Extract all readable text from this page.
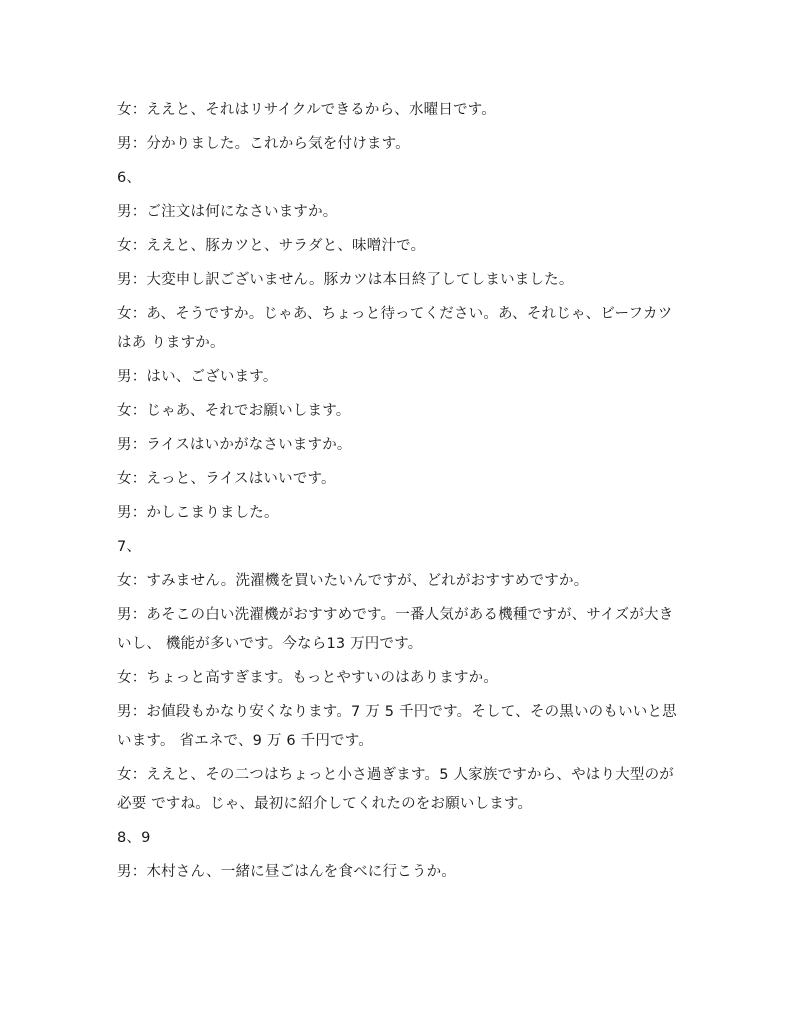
女：ええと、それはリサイクルできるから、水曜日です。

男：分かりました。これから気を付けます。

6、

男：ご注文は何になさいますか。

女：ええと、豚カツと、サラダと、味噌汁で。

男：大変申し訳ございません。豚カツは本日終了してしまいました。

女：あ、そうですか。じゃあ、ちょっと待ってください。あ、それじゃ、ビーフカツはあ りますか。

男：はい、ございます。

女：じゃあ、それでお願いします。

男：ライスはいかがなさいますか。

女：えっと、ライスはいいです。

男：かしこまりました。

7、

女：すみません。洗濯機を買いたいんですが、どれがおすすめですか。

男：あそこの白い洗濯機がおすすめです。一番人気がある機種ですが、サイズが大きいし、 機能が多いです。今なら13 万円です。

女：ちょっと高すぎます。もっとやすいのはありますか。

男：お値段もかなり安くなります。7 万 5 千円です。そして、その黒いのもいいと思います。 省エネで、9 万 6 千円です。

女：ええと、その二つはちょっと小さ過ぎます。5 人家族ですから、やはり大型のが必要 ですね。じゃ、最初に紹介してくれたのをお願いします。

8、9

男：木村さん、一緒に昼ごはんを食べに行こうか。
